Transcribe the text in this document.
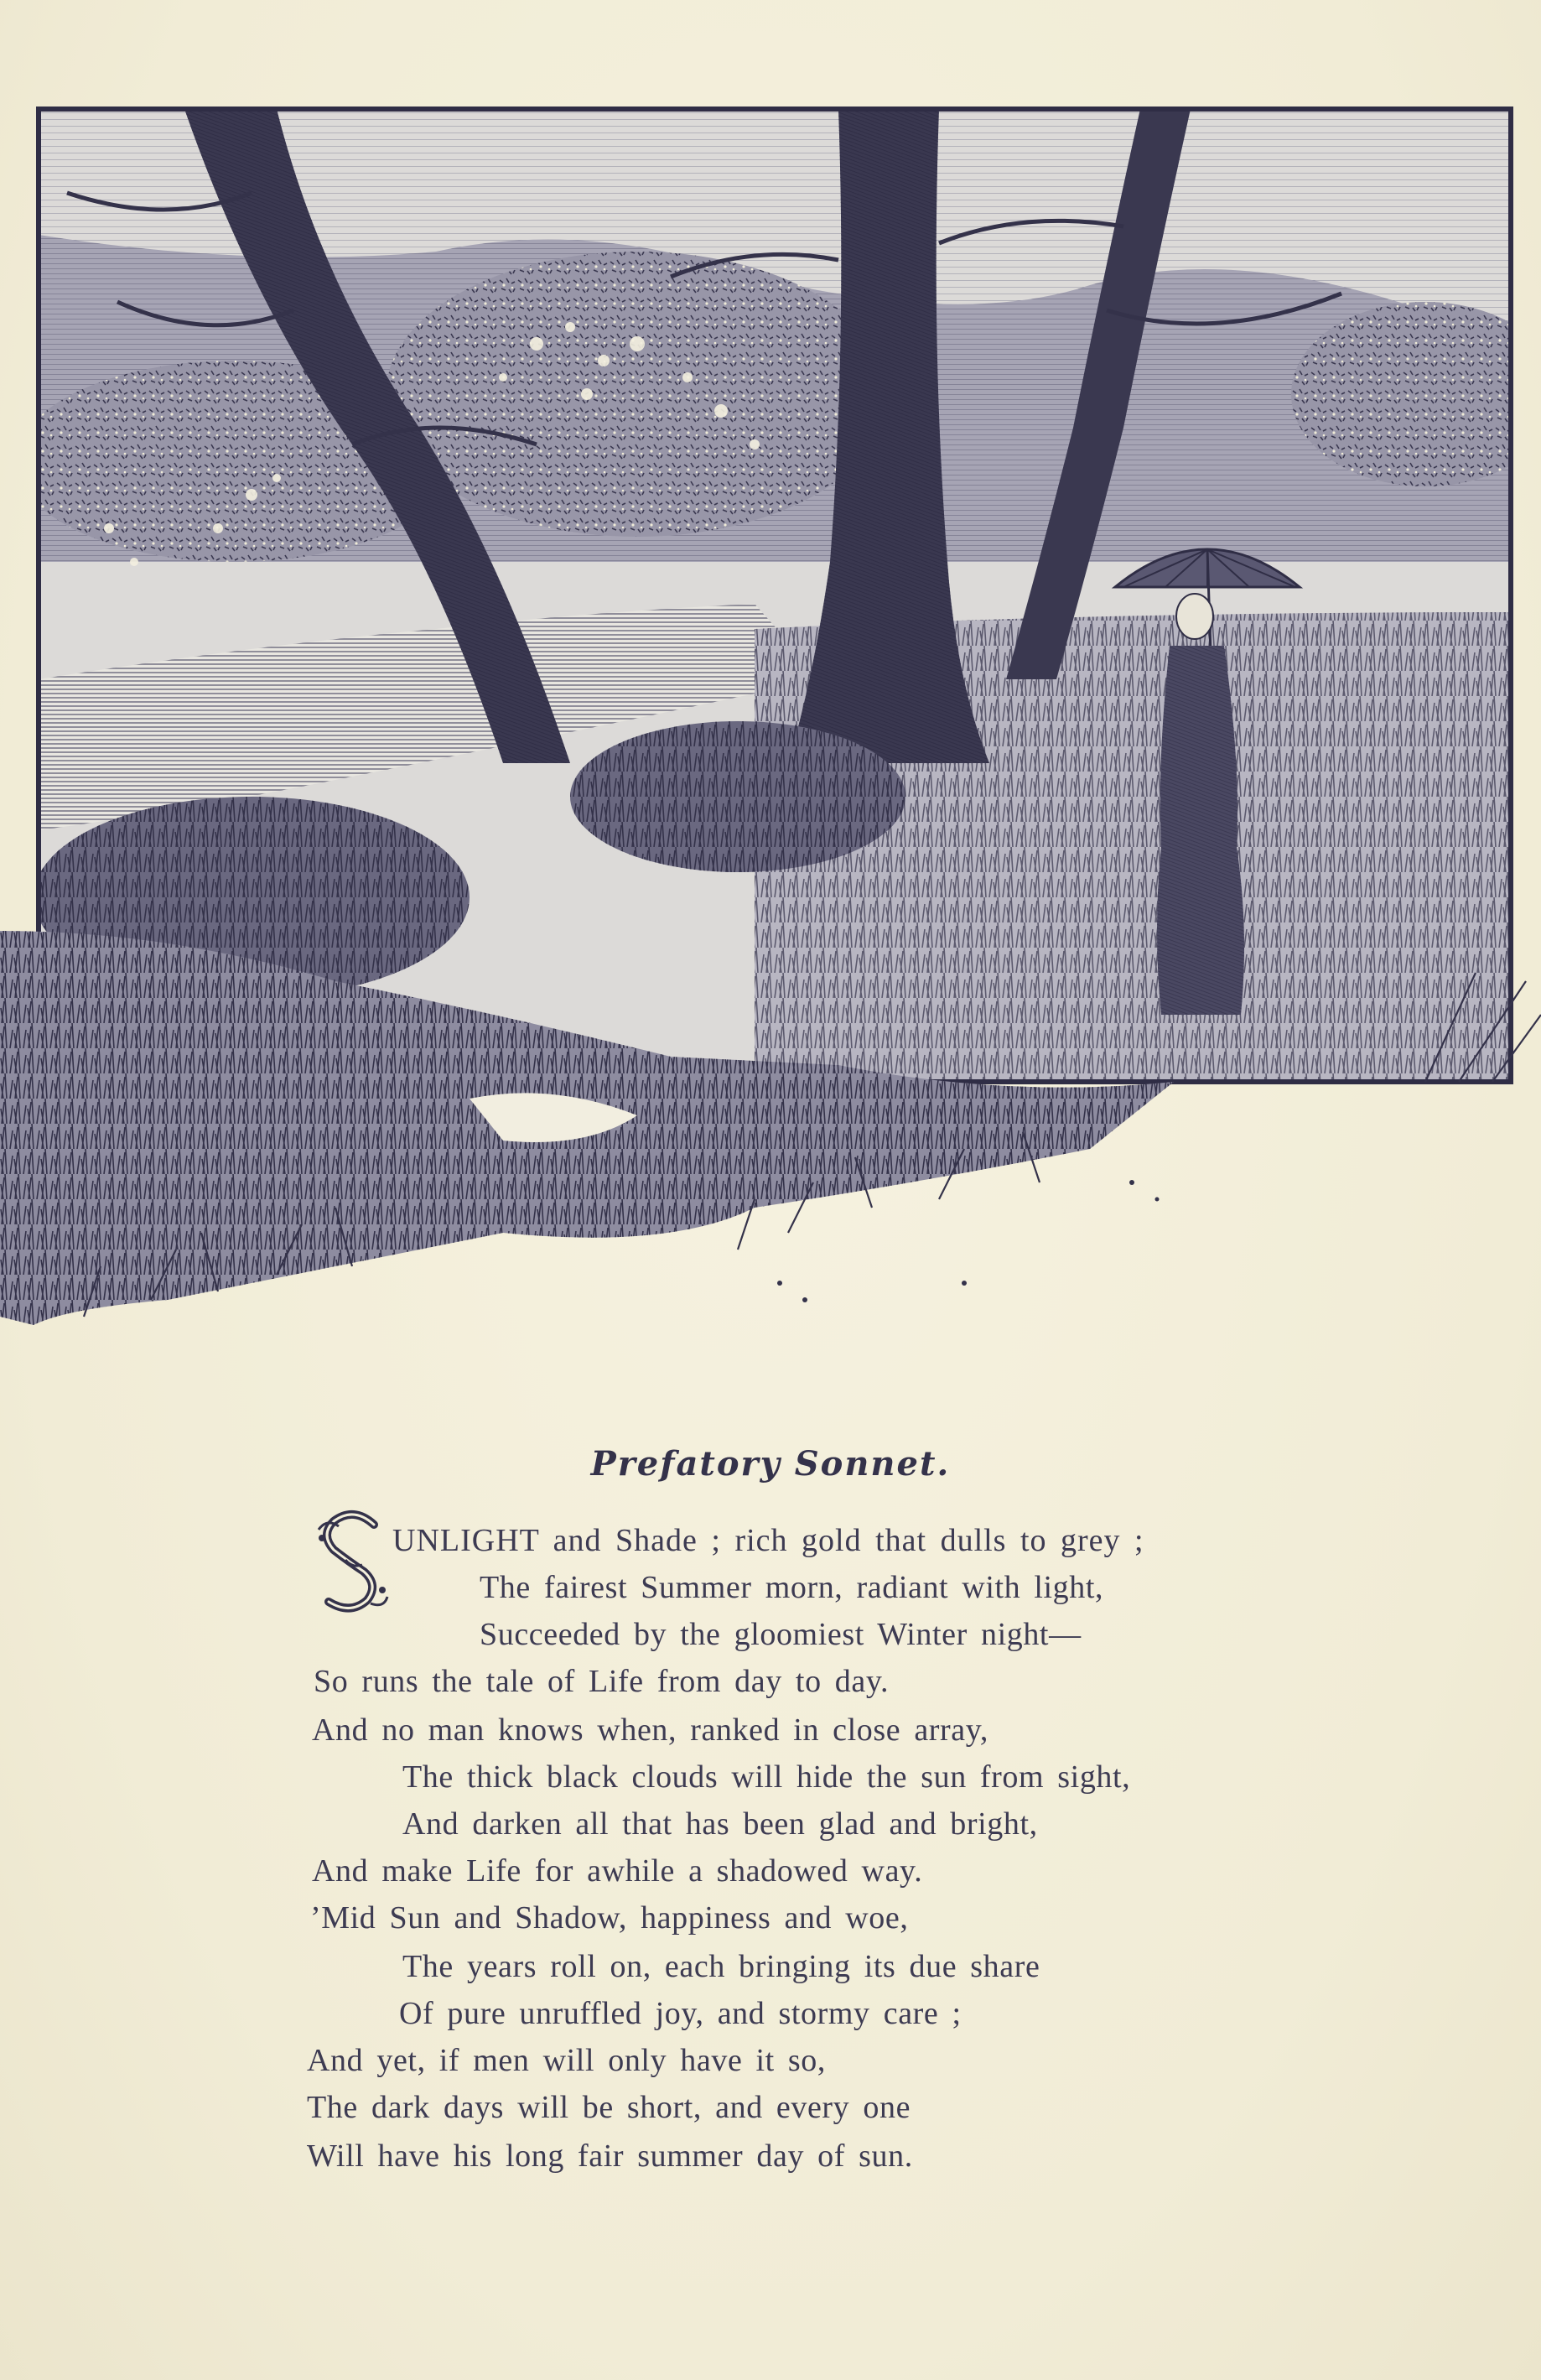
Prefatory Sonnet.
UNLIGHT and Shade ; rich gold that dulls to grey ;
The fairest Summer morn, radiant with light,
Succeeded by the gloomiest Winter night—
So runs the tale of Life from day to day.
And no man knows when, ranked in close array,
The thick black clouds will hide the sun from sight,
And darken all that has been glad and bright,
And make Life for awhile a shadowed way.
’Mid Sun and Shadow, happiness and woe,
The years roll on, each bringing its due share
Of pure unruffled joy, and stormy care ;
And yet, if men will only have it so,
The dark days will be short, and every one
Will have his long fair summer day of sun.
